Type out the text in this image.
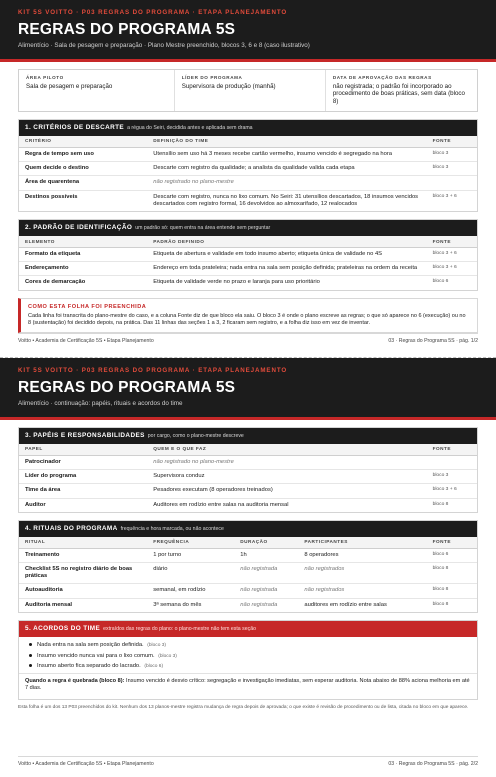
KIT 5S VOITTO · P03 REGRAS DO PROGRAMA · ETAPA PLANEJAMENTO
REGRAS DO PROGRAMA 5S
Alimentício · Sala de pesagem e preparação · Plano Mestre preenchido, blocos 3, 6 e 8 (caso ilustrativo)
ÁREA PILOTO
Sala de pesagem e preparação
LÍDER DO PROGRAMA
Supervisora de produção (manhã)
DATA DE APROVAÇÃO DAS REGRAS
não registrada; o padrão foi incorporado ao procedimento de boas práticas, sem data (bloco 8)
1. CRITÉRIOS DE DESCARTE a régua do Seiri, decidida antes e aplicada sem drama
CRITÉRIO	DEFINIÇÃO DO TIME	FONTE
Regra de tempo sem uso	Utensílio sem uso há 3 meses recebe cartão vermelho, insumo vencido é segregado na hora	bloco 3
Quem decide o destino	Descarte com registro da qualidade; a analista da qualidade valida cada etapa	bloco 3
Área de quarentena	não registrado no plano-mestre	
Destinos possíveis	Descarte com registro, nunca no lixo comum. No Seiri: 31 utensílios descartados, 18 insumos vencidos descartados com registro formal, 16 devolvidos ao almoxarifado, 12 realocados	bloco 3 + 6
2. PADRÃO DE IDENTIFICAÇÃO um padrão só: quem entra na área entende sem perguntar
ELEMENTO	PADRÃO DEFINIDO	FONTE
Formato da etiqueta	Etiqueta de abertura e validade em todo insumo aberto; etiqueta única de validade no 4S	bloco 3 + 6
Endereçamento	Endereço em toda prateleira; nada entra na sala sem posição definida; prateleiras na ordem da receita	bloco 3 + 6
Cores de demarcação	Etiqueta de validade verde no prazo e laranja para uso prioritário	bloco 6
COMO ESTA FOLHA FOI PREENCHIDA
Cada linha foi transcrita do plano-mestre do caso, e a coluna Fonte diz de que bloco ela saiu. O bloco 3 é onde o plano escreve as regras; o que só aparece no 6 (execução) ou no 8 (sustentação) foi decidido depois, na prática. Das 11 linhas das seções 1 a 3, 2 ficaram sem registro, e a folha diz isso em vez de inventar.
Voitto • Academia de Certificação 5S • Etapa Planejamento	03 · Regras do Programa 5S · pág. 1/2
KIT 5S VOITTO · P03 REGRAS DO PROGRAMA · ETAPA PLANEJAMENTO
REGRAS DO PROGRAMA 5S
Alimentício · continuação: papéis, rituais e acordos do time
3. PAPÉIS E RESPONSABILIDADES por cargo, como o plano-mestre descreve
PAPEL	QUEM E O QUE FAZ	FONTE
Patrocinador	não registrado no plano-mestre	
Líder do programa	Supervisora conduz	bloco 3
Time da área	Pesadores executam (8 operadores treinados)	bloco 3 + 6
Auditor	Auditores em rodízio entre salas na auditoria mensal	bloco 8
4. RITUAIS DO PROGRAMA frequência e hora marcada, ou não acontece
RITUAL	FREQUÊNCIA	DURAÇÃO	PARTICIPANTES	FONTE
Treinamento	1 por turno	1h	8 operadores	bloco 6
Checklist 5S no registro diário de boas práticas	diário	não registrada	não registrados	bloco 8
Autoauditoria	semanal, em rodízio	não registrada	não registrados	bloco 8
Auditoria mensal	3ª semana do mês	não registrada	auditores em rodízio entre salas	bloco 8
5. ACORDOS DO TIME extraídos das regras do plano: o plano-mestre não tem esta seção
Nada entra na sala sem posição definida. (bloco 3)
Insumo vencido nunca vai para o lixo comum. (bloco 3)
Insumo aberto fica separado do lacrado. (bloco 6)
Quando a regra é quebrada (bloco 8): Insumo vencido é desvio crítico: segregação e investigação imediatas, sem esperar auditoria. Nota abaixo de 88% aciona melhoria em até 7 dias.
Esta folha é um dos 13 P03 preenchidos do kit. Nenhum dos 13 planos-mestre registra mudança de regra depois de aprovada; o que existe é revisão de procedimento ou de lista, citada no bloco em que aparece.
Voitto • Academia de Certificação 5S • Etapa Planejamento	03 · Regras do Programa 5S · pág. 2/2
